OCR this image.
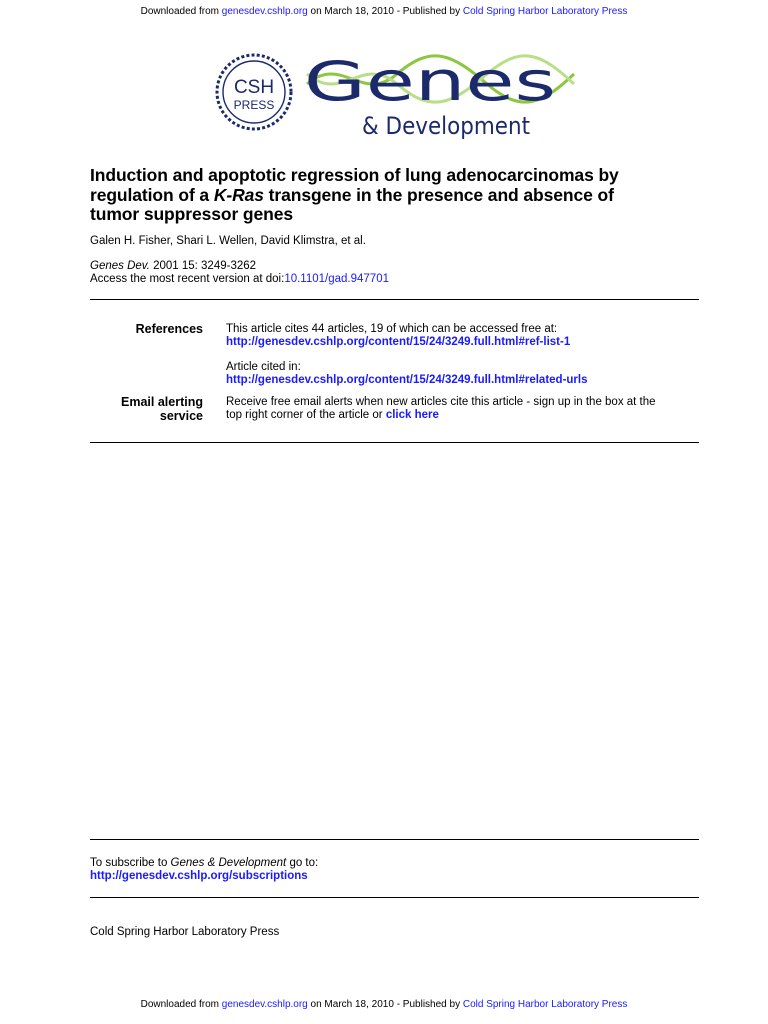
Downloaded from genesdev.cshlp.org on March 18, 2010 - Published by Cold Spring Harbor Laboratory Press
CSH
PRESS Genes
& Development
Induction and apoptotic regression of lung adenocarcinomas by
regulation of a K-Ras transgene in the presence and absence of
tumor suppressor genes
Galen H. Fisher, Shari L. Wellen, David Klimstra, et al.
Genes Dev. 2001 15: 3249-3262
Access the most recent version at doi:10.1101/gad.947701
References This article cites 44 articles, 19 of which can be accessed free at:
http://genesdev.cshlp.org/content/15/24/3249.full.html#ref-list-1
Article cited in:
http://genesdev.cshlp.org/content/15/24/3249.full.html#related-urls
Email alerting
service
Receive free email alerts when new articles cite this article - sign up in the box at the
top right corner of the article or click here
To subscribe to Genes & Development go to:
http://genesdev.cshlp.org/subscriptions
Cold Spring Harbor Laboratory Press
Downloaded from genesdev.cshlp.org on March 18, 2010 - Published by Cold Spring Harbor Laboratory Press
